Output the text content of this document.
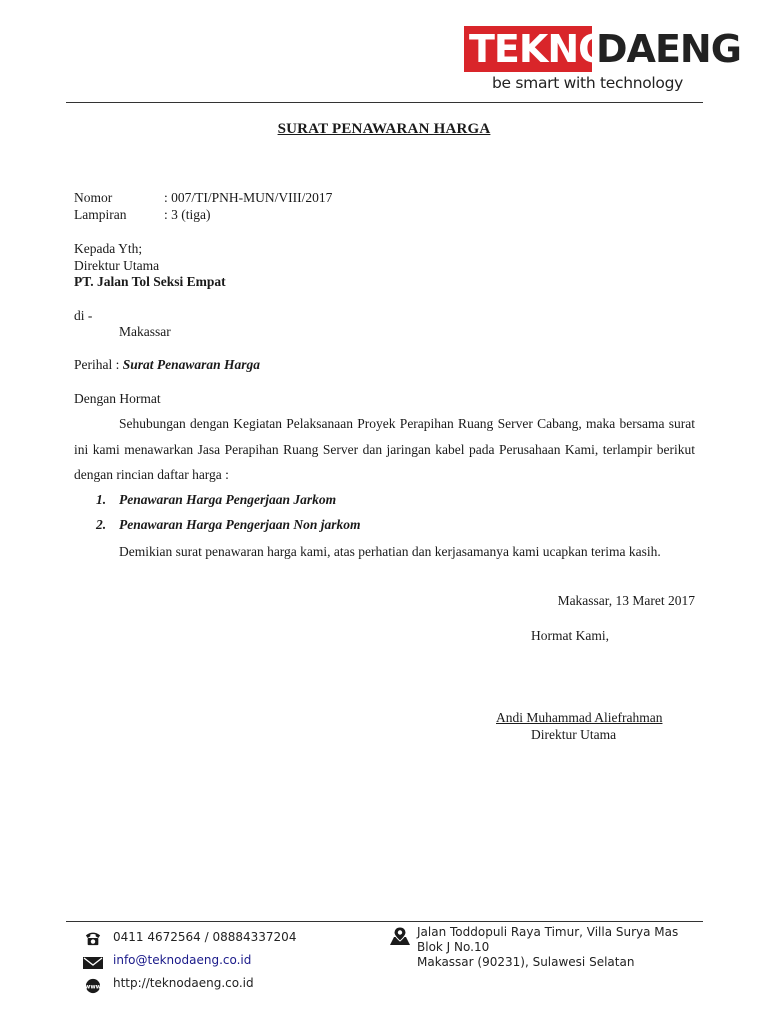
TEKNO
DAENG
be smart with technology
SURAT PENAWARAN HARGA
Nomor	: 007/TI/PNH-MUN/VIII/2017
Lampiran	: 3 (tiga)
Kepada Yth;
Direktur Utama
PT. Jalan Tol Seksi Empat
di -
Makassar
Perihal : Surat Penawaran Harga
Dengan Hormat
Sehubungan dengan Kegiatan Pelaksanaan Proyek Perapihan Ruang Server Cabang, maka bersama surat ini kami menawarkan Jasa Perapihan Ruang Server dan jaringan kabel pada Perusahaan Kami, terlampir berikut dengan rincian daftar harga :
1. Penawaran Harga Pengerjaan Jarkom
2. Penawaran Harga Pengerjaan Non jarkom
Demikian surat penawaran harga kami, atas perhatian dan kerjasamanya kami ucapkan terima kasih.
Makassar, 13 Maret 2017
Hormat Kami,
Andi Muhammad Aliefrahman
Direktur Utama
0411 4672564 / 08884337204
info@teknodaeng.co.id
www http://teknodaeng.co.id
Jalan Toddopuli Raya Timur, Villa Surya Mas
Blok J No.10
Makassar (90231), Sulawesi Selatan
